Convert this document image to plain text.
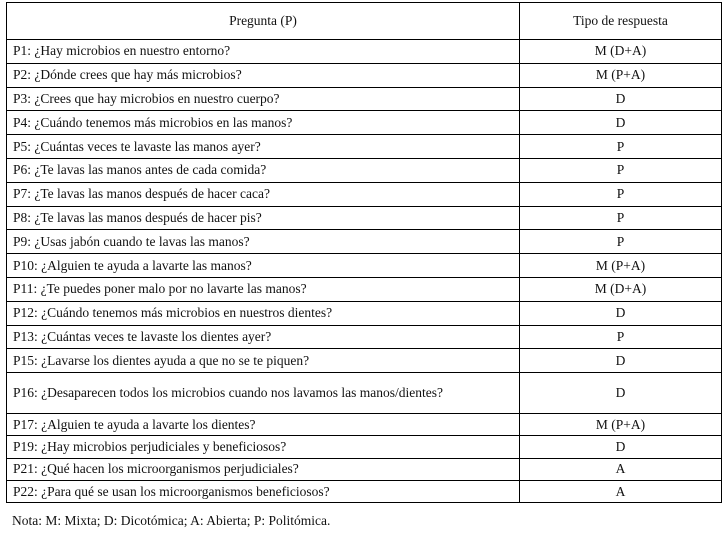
Pregunta (P)	Tipo de respuesta
P1: ¿Hay microbios en nuestro entorno?	M (D+A)
P2: ¿Dónde crees que hay más microbios?	M (P+A)
P3: ¿Crees que hay microbios en nuestro cuerpo?	D
P4: ¿Cuándo tenemos más microbios en las manos?	D
P5: ¿Cuántas veces te lavaste las manos ayer?	P
P6: ¿Te lavas las manos antes de cada comida?	P
P7: ¿Te lavas las manos después de hacer caca?	P
P8: ¿Te lavas las manos después de hacer pis?	P
P9: ¿Usas jabón cuando te lavas las manos?	P
P10: ¿Alguien te ayuda a lavarte las manos?	M (P+A)
P11: ¿Te puedes poner malo por no lavarte las manos?	M (D+A)
P12: ¿Cuándo tenemos más microbios en nuestros dientes?	D
P13: ¿Cuántas veces te lavaste los dientes ayer?	P
P15: ¿Lavarse los dientes ayuda a que no se te piquen?	D
P16: ¿Desaparecen todos los microbios cuando nos lavamos las manos/dientes?	D
P17: ¿Alguien te ayuda a lavarte los dientes?	M (P+A)
P19: ¿Hay microbios perjudiciales y beneficiosos?	D
P21: ¿Qué hacen los microorganismos perjudiciales?	A
P22: ¿Para qué se usan los microorganismos beneficiosos?	A
Nota: M: Mixta; D: Dicotómica; A: Abierta; P: Politómica.
